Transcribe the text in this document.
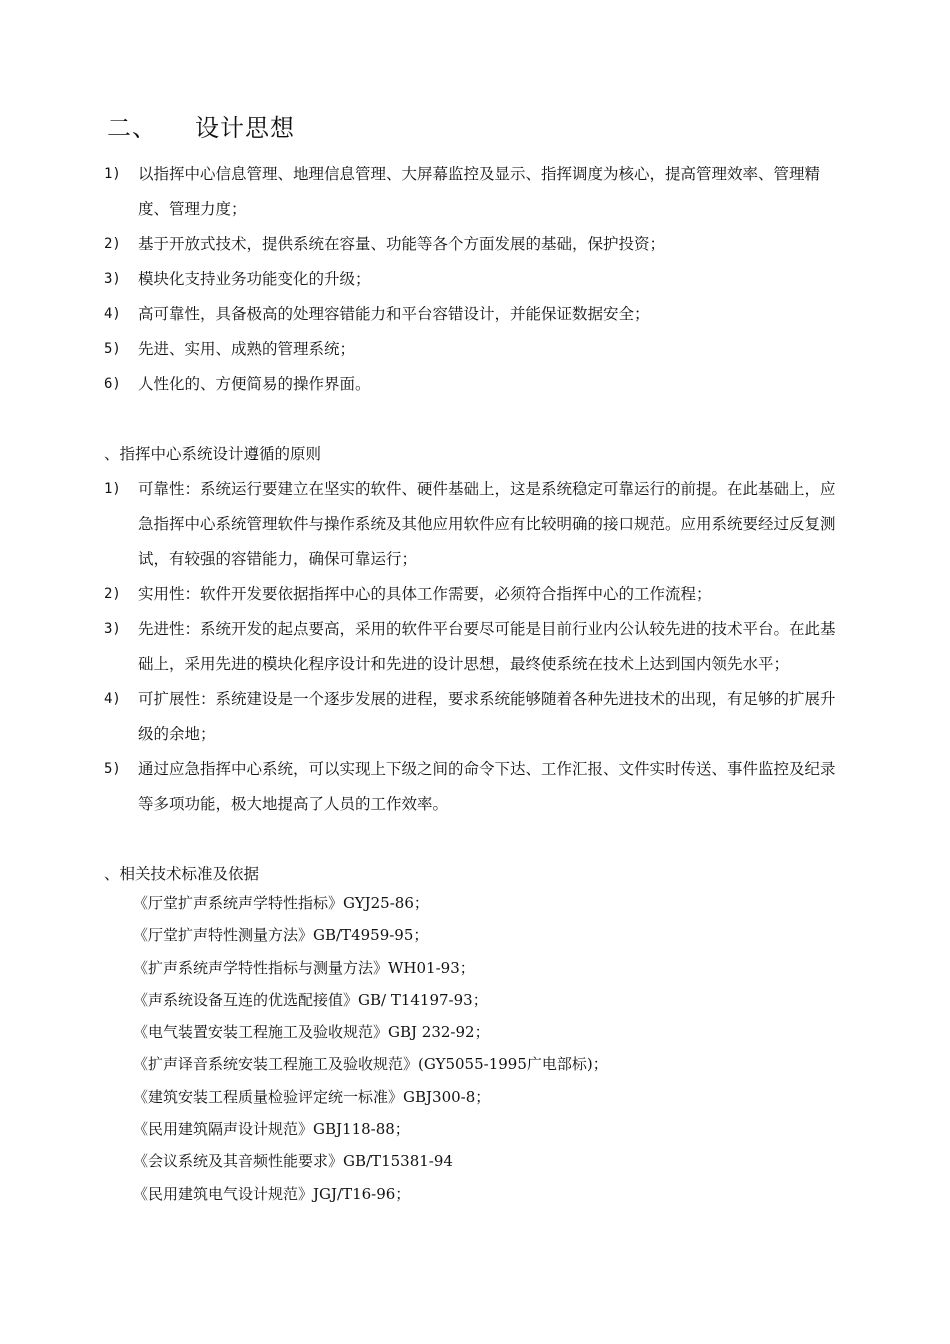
二、 设计思想
1) 以指挥中心信息管理、地理信息管理、大屏幕监控及显示、指挥调度为核心，提高管理效率、管理精度、管理力度；
2) 基于开放式技术，提供系统在容量、功能等各个方面发展的基础，保护投资；
3) 模块化支持业务功能变化的升级；
4) 高可靠性，具备极高的处理容错能力和平台容错设计，并能保证数据安全；
5) 先进、实用、成熟的管理系统；
6) 人性化的、方便简易的操作界面。
、指挥中心系统设计遵循的原则
1) 可靠性：系统运行要建立在坚实的软件、硬件基础上，这是系统稳定可靠运行的前提。在此基础上，应急指挥中心系统管理软件与操作系统及其他应用软件应有比较明确的接口规范。应用系统要经过反复测试，有较强的容错能力，确保可靠运行；
2) 实用性：软件开发要依据指挥中心的具体工作需要，必须符合指挥中心的工作流程；
3) 先进性：系统开发的起点要高，采用的软件平台要尽可能是目前行业内公认较先进的技术平台。在此基础上，采用先进的模块化程序设计和先进的设计思想，最终使系统在技术上达到国内领先水平；
4) 可扩展性：系统建设是一个逐步发展的进程，要求系统能够随着各种先进技术的出现，有足够的扩展升级的余地；
5) 通过应急指挥中心系统，可以实现上下级之间的命令下达、工作汇报、文件实时传送、事件监控及纪录等多项功能，极大地提高了人员的工作效率。
、相关技术标准及依据
《厅堂扩声系统声学特性指标》GYJ25-86；
《厅堂扩声特性测量方法》GB/T4959-95；
《扩声系统声学特性指标与测量方法》WH01-93；
《声系统设备互连的优选配接值》GB/ T14197-93；
《电气装置安装工程施工及验收规范》GBJ 232-92；
《扩声译音系统安装工程施工及验收规范》(GY5055-1995广电部标)；
《建筑安装工程质量检验评定统一标准》GBJ300-8；
《民用建筑隔声设计规范》GBJ118-88；
《会议系统及其音频性能要求》GB/T15381-94
《民用建筑电气设计规范》JGJ/T16-96；
